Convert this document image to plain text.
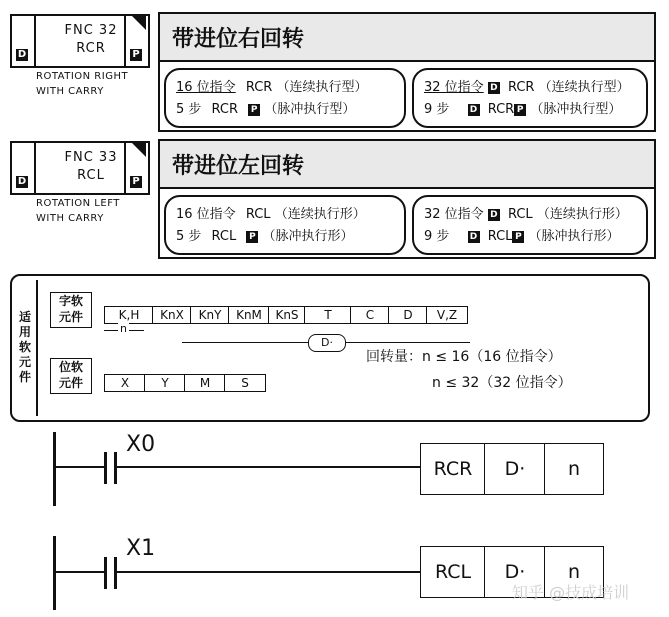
FNC 32
RCR
D	P
ROTATION RIGHT
WITH CARRY
带进位右回转
16 位指令 RCR （连续执行型）
5 步 RCR P （脉冲执行型）
32 位指令 D RCR （连续执行型）
9 步 D RCR P （脉冲执行型）
FNC 33
RCL
D	P
ROTATION LEFT
WITH CARRY
带进位左回转
16 位指令 RCL （连续执行形）
5 步 RCL P （脉冲执行形）
32 位指令 D RCL （连续执行形）
9 步 D RCL P （脉冲执行形）
适
用
软
元
件
字软
元件	K,H	KnX	KnY	KnM	KnS	T	C	D	V,Z
n
D·
回转量：n ≤ 16（16 位指令）
n ≤ 32（32 位指令）
位软
元件	X	Y	M	S
X0
RCR	D·	n
X1
RCL	D·	n
知乎 @技成培训
